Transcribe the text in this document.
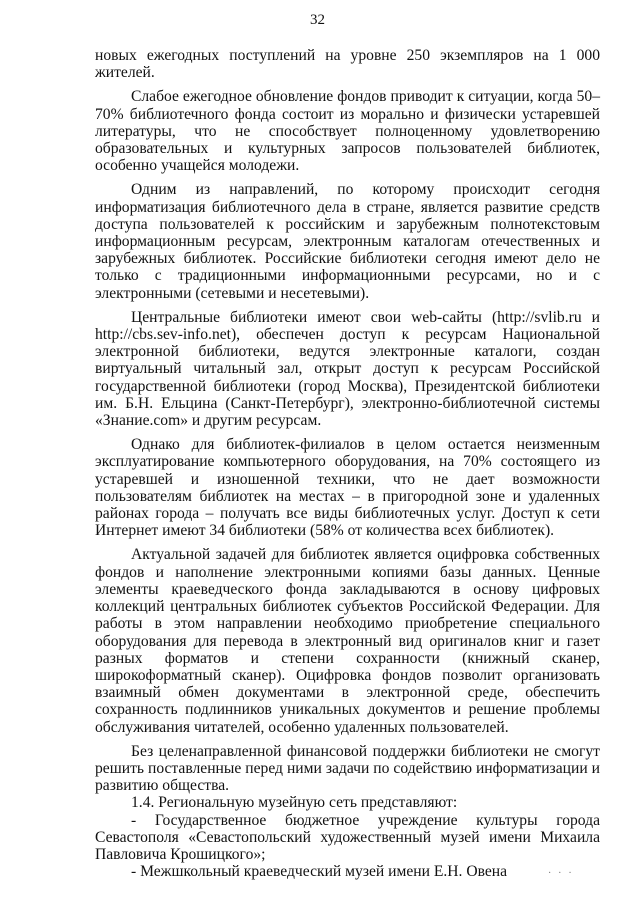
32

новых ежегодных поступлений на уровне 250 экземпляров на 1 000 жителей.

Слабое ежегодное обновление фондов приводит к ситуации, когда 50–70% библиотечного фонда состоит из морально и физически устаревшей литературы, что не способствует полноценному удовлетворению образовательных и культурных запросов пользователей библиотек, особенно учащейся молодежи.

Одним из направлений, по которому происходит сегодня информатизация библиотечного дела в стране, является развитие средств доступа пользователей к российским и зарубежным полнотекстовым информационным ресурсам, электронным каталогам отечественных и зарубежных библиотек. Российские библиотеки сегодня имеют дело не только с традиционными информационными ресурсами, но и с электронными (сетевыми и несетевыми).

Центральные библиотеки имеют свои web-сайты (http://svlib.ru и http://cbs.sev-info.net), обеспечен доступ к ресурсам Национальной электронной библиотеки, ведутся электронные каталоги, создан виртуальный читальный зал, открыт доступ к ресурсам Российской государственной библиотеки (город Москва), Президентской библиотеки им. Б.Н. Ельцина (Санкт-Петербург), электронно-библиотечной системы «Знание.com» и другим ресурсам.

Однако для библиотек-филиалов в целом остается неизменным эксплуатирование компьютерного оборудования, на 70% состоящего из устаревшей и изношенной техники, что не дает возможности пользователям библиотек на местах – в пригородной зоне и удаленных районах города – получать все виды библиотечных услуг. Доступ к сети Интернет имеют 34 библиотеки (58% от количества всех библиотек).

Актуальной задачей для библиотек является оцифровка собственных фондов и наполнение электронными копиями базы данных. Ценные элементы краеведческого фонда закладываются в основу цифровых коллекций центральных библиотек субъектов Российской Федерации. Для работы в этом направлении необходимо приобретение специального оборудования для перевода в электронный вид оригиналов книг и газет разных форматов и степени сохранности (книжный сканер, широкоформатный сканер). Оцифровка фондов позволит организовать взаимный обмен документами в электронной среде, обеспечить сохранность подлинников уникальных документов и решение проблемы обслуживания читателей, особенно удаленных пользователей.

Без целенаправленной финансовой поддержки библиотеки не смогут решить поставленные перед ними задачи по содействию информатизации и развитию общества.

1.4. Региональную музейную сеть представляют:

- Государственное бюджетное учреждение культуры города Севастополя «Севастопольский художественный музей имени Михаила Павловича Крошицкого»;

- Межшкольный краеведческий музей имени Е.Н. Овена	· · ·
